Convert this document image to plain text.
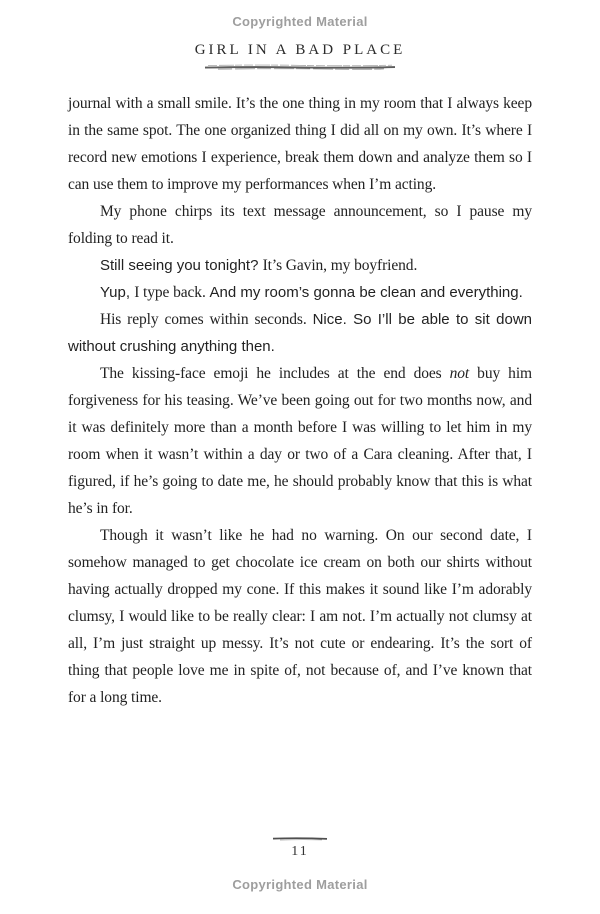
Copyrighted Material
GIRL IN A BAD PLACE

journal with a small smile. It’s the one thing in my room that I always keep in the same spot. The one organized thing I did all on my own. It’s where I record new emotions I experience, break them down and analyze them so I can use them to improve my performances when I’m acting.

My phone chirps its text message announcement, so I pause my folding to read it.

Still seeing you tonight? It’s Gavin, my boyfriend.

Yup, I type back. And my room’s gonna be clean and everything.

His reply comes within seconds. Nice. So I’ll be able to sit down without crushing anything then.

The kissing-face emoji he includes at the end does not buy him forgiveness for his teasing. We’ve been going out for two months now, and it was definitely more than a month before I was willing to let him in my room when it wasn’t within a day or two of a Cara cleaning. After that, I figured, if he’s going to date me, he should probably know that this is what he’s in for.

Though it wasn’t like he had no warning. On our second date, I somehow managed to get chocolate ice cream on both our shirts without having actually dropped my cone. If this makes it sound like I’m adorably clumsy, I would like to be really clear: I am not. I’m actually not clumsy at all, I’m just straight up messy. It’s not cute or endearing. It’s the sort of thing that people love me in spite of, not because of, and I’ve known that for a long time.

11
Copyrighted Material
